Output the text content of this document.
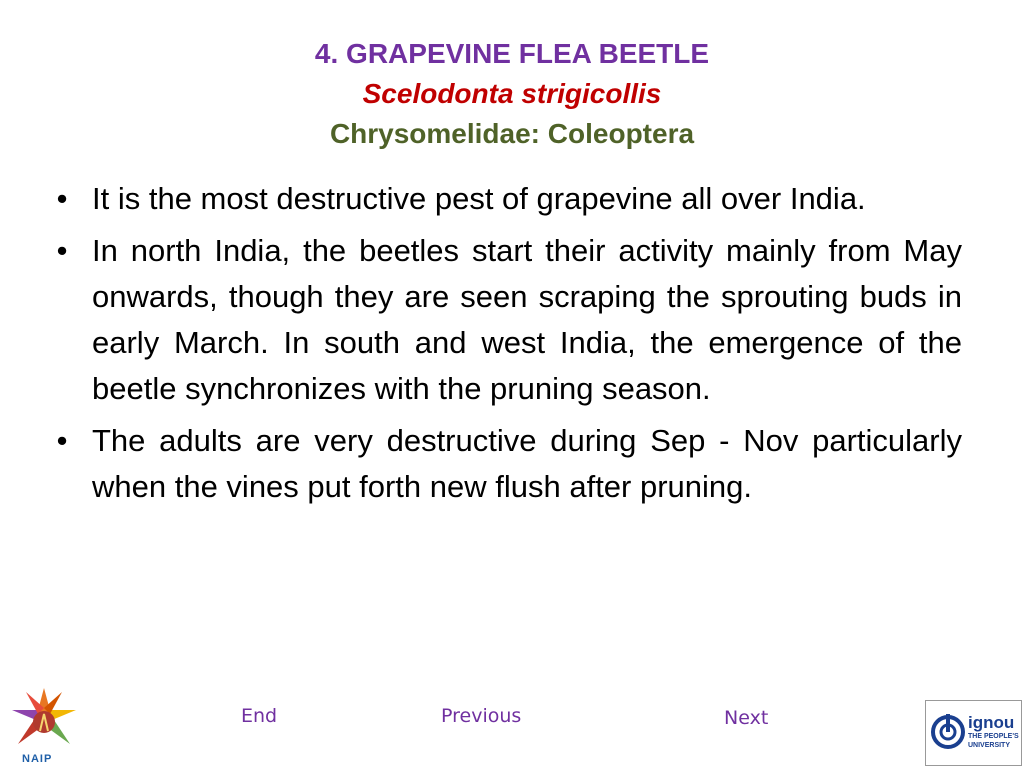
4. GRAPEVINE FLEA BEETLE
Scelodonta strigicollis
Chrysomelidae: Coleoptera
• It is the most destructive pest of grapevine all over India.
• In north India, the beetles start their activity mainly from May onwards, though they are seen scraping the sprouting buds in early March. In south and west India, the emergence of the beetle synchronizes with the pruning season.
• The adults are very destructive during Sep - Nov particularly when the vines put forth new flush after pruning.
NAIP
End	Previous	Next	ignou
THE PEOPLE'S
UNIVERSITY
